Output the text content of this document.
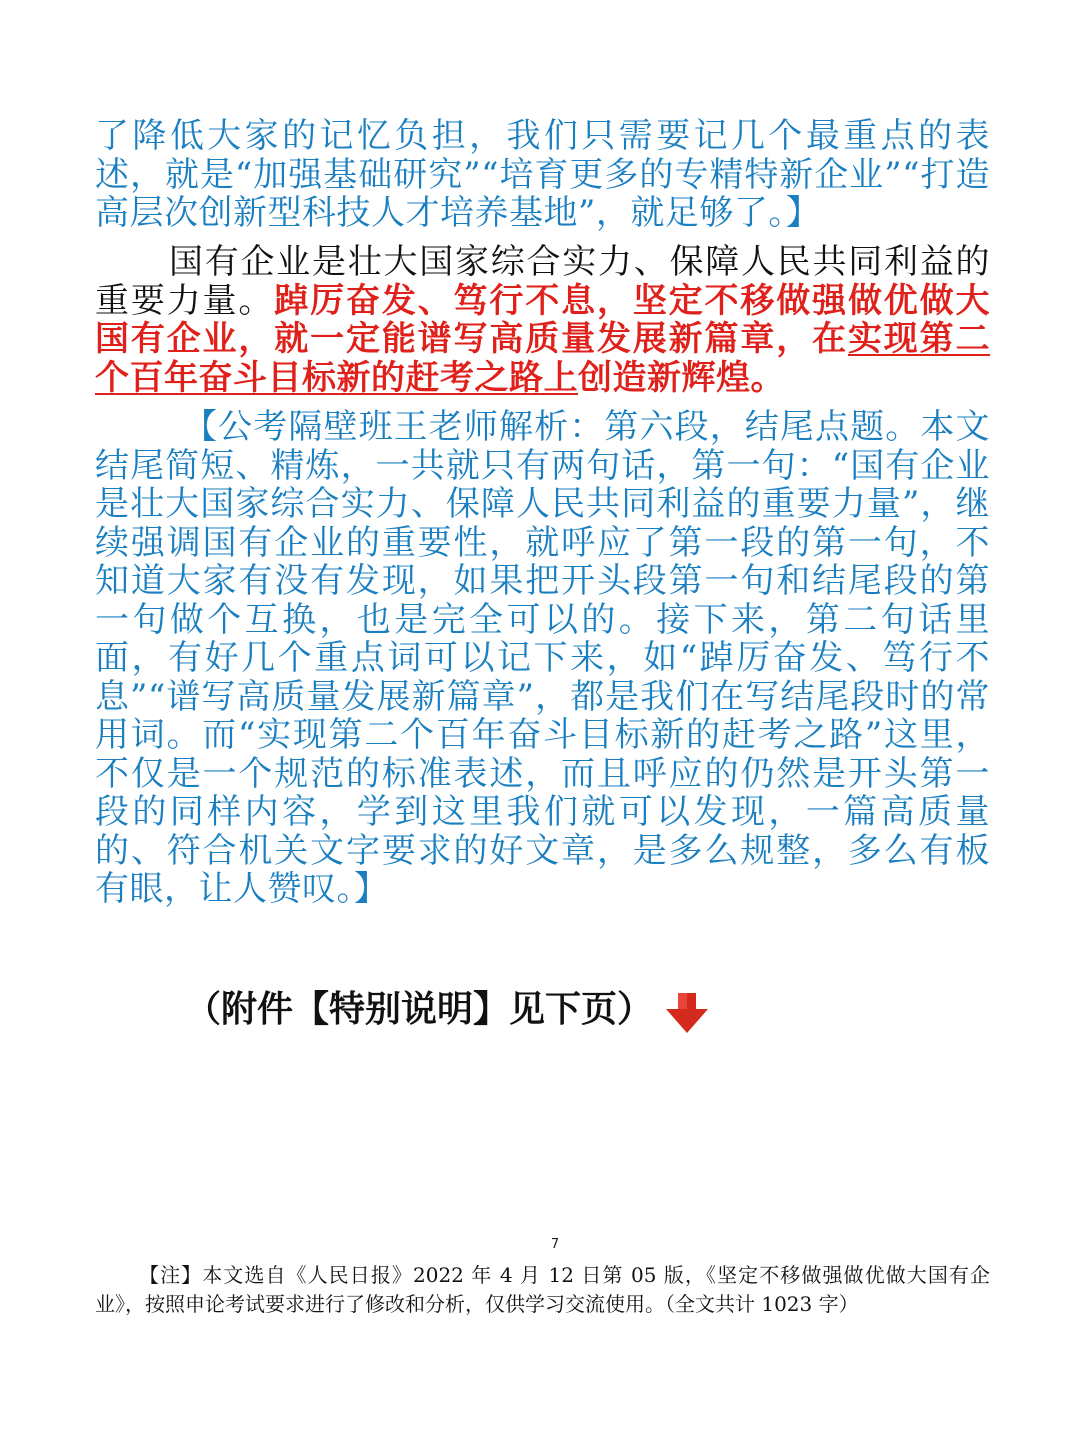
了降低大家的记忆负担，我们只需要记几个最重点的表述，就是“加强基础研究”“培育更多的专精特新企业”“打造高层次创新型科技人才培养基地”，就足够了。】
国有企业是壮大国家综合实力、保障人民共同利益的重要力量。踔厉奋发、笃行不息，坚定不移做强做优做大国有企业，就一定能谱写高质量发展新篇章，在实现第二个百年奋斗目标新的赶考之路上创造新辉煌。
【公考隔壁班王老师解析：第六段，结尾点题。本文结尾简短、精炼，一共就只有两句话，第一句：“国有企业是壮大国家综合实力、保障人民共同利益的重要力量”，继续强调国有企业的重要性，就呼应了第一段的第一句，不知道大家有没有发现，如果把开头段第一句和结尾段的第一句做个互换，也是完全可以的。接下来，第二句话里面，有好几个重点词可以记下来，如“踔厉奋发、笃行不息”“谱写高质量发展新篇章”，都是我们在写结尾段时的常用词。而“实现第二个百年奋斗目标新的赶考之路”这里，不仅是一个规范的标准表述，而且呼应的仍然是开头第一段的同样内容，学到这里我们就可以发现，一篇高质量的、符合机关文字要求的好文章，是多么规整，多么有板有眼，让人赞叹。】
（附件【特别说明】见下页）
7
【注】本文选自《人民日报》2022 年 4 月 12 日第 05 版，《坚定不移做强做优做大国有企业》，按照申论考试要求进行了修改和分析，仅供学习交流使用。（全文共计 1023 字）
